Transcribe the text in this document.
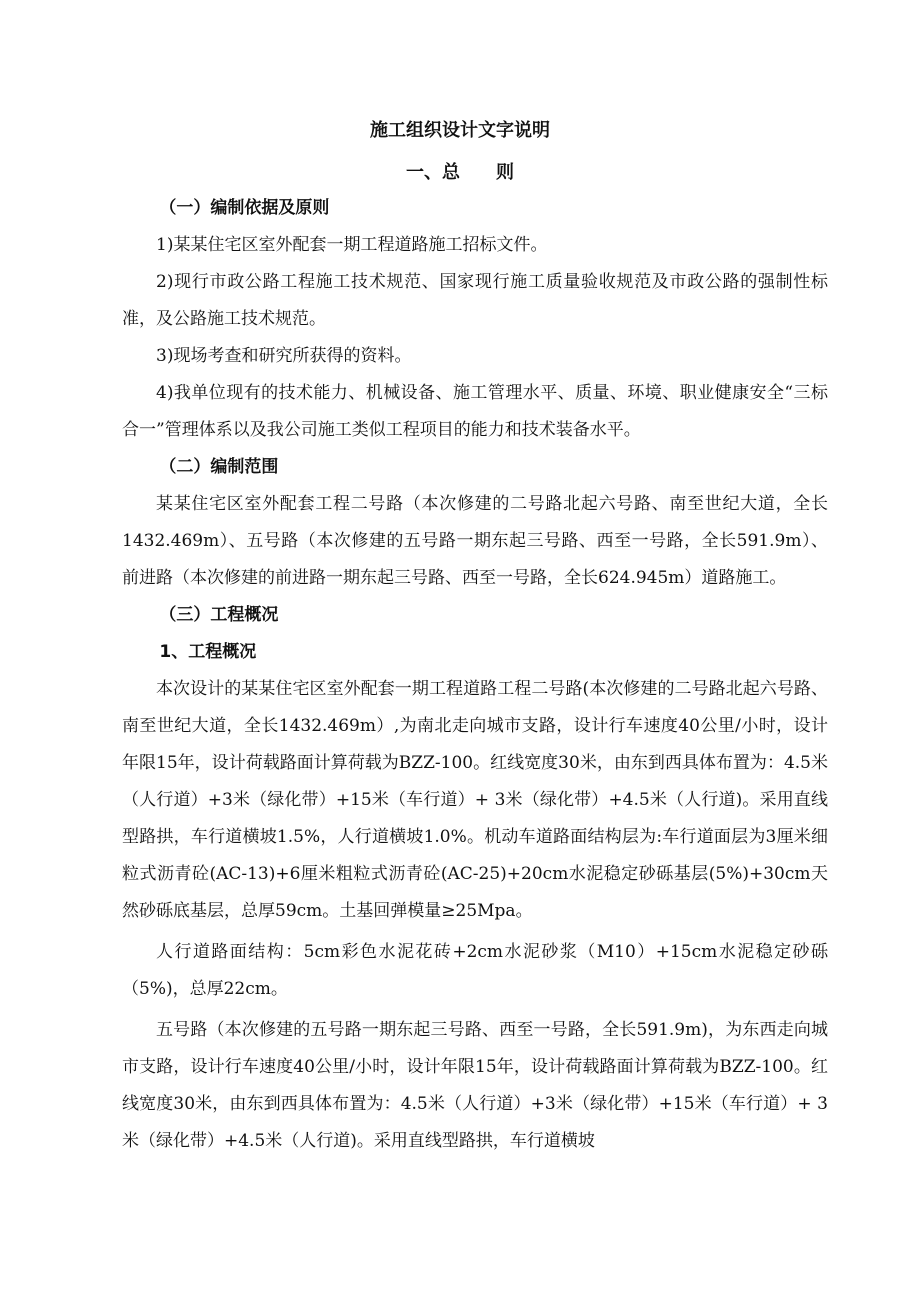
施工组织设计文字说明
一、总　　则

（一）编制依据及原则

1)某某住宅区室外配套一期工程道路施工招标文件。

2)现行市政公路工程施工技术规范、国家现行施工质量验收规范及市政公路的强制性标准，及公路施工技术规范。

3)现场考查和研究所获得的资料。

4)我单位现有的技术能力、机械设备、施工管理水平、质量、环境、职业健康安全“三标合一”管理体系以及我公司施工类似工程项目的能力和技术装备水平。

（二）编制范围

某某住宅区室外配套工程二号路（本次修建的二号路北起六号路、南至世纪大道，全长1432.469m）、五号路（本次修建的五号路一期东起三号路、西至一号路，全长591.9m）、前进路（本次修建的前进路一期东起三号路、西至一号路，全长624.945m）道路施工。

（三）工程概况

1、工程概况

本次设计的某某住宅区室外配套一期工程道路工程二号路(本次修建的二号路北起六号路、南至世纪大道，全长1432.469m）,为南北走向城市支路，设计行车速度40公里/小时，设计年限15年，设计荷载路面计算荷载为BZZ-100。红线宽度30米，由东到西具体布置为：4.5米（人行道）+3米（绿化带）+15米（车行道）+ 3米（绿化带）+4.5米（人行道)。采用直线型路拱，车行道横坡1.5%，人行道横坡1.0%。机动车道路面结构层为:车行道面层为3厘米细粒式沥青砼(AC-13)+6厘米粗粒式沥青砼(AC-25)+20cm水泥稳定砂砾基层(5%)+30cm天然砂砾底基层，总厚59cm。土基回弹模量≥25Mpa。

人行道路面结构：5cm彩色水泥花砖+2cm水泥砂浆（M10）+15cm水泥稳定砂砾（5%)，总厚22cm。

五号路（本次修建的五号路一期东起三号路、西至一号路，全长591.9m)，为东西走向城市支路，设计行车速度40公里/小时，设计年限15年，设计荷载路面计算荷载为BZZ-100。红线宽度30米，由东到西具体布置为：4.5米（人行道）+3米（绿化带）+15米（车行道）+ 3米（绿化带）+4.5米（人行道)。采用直线型路拱，车行道横坡
